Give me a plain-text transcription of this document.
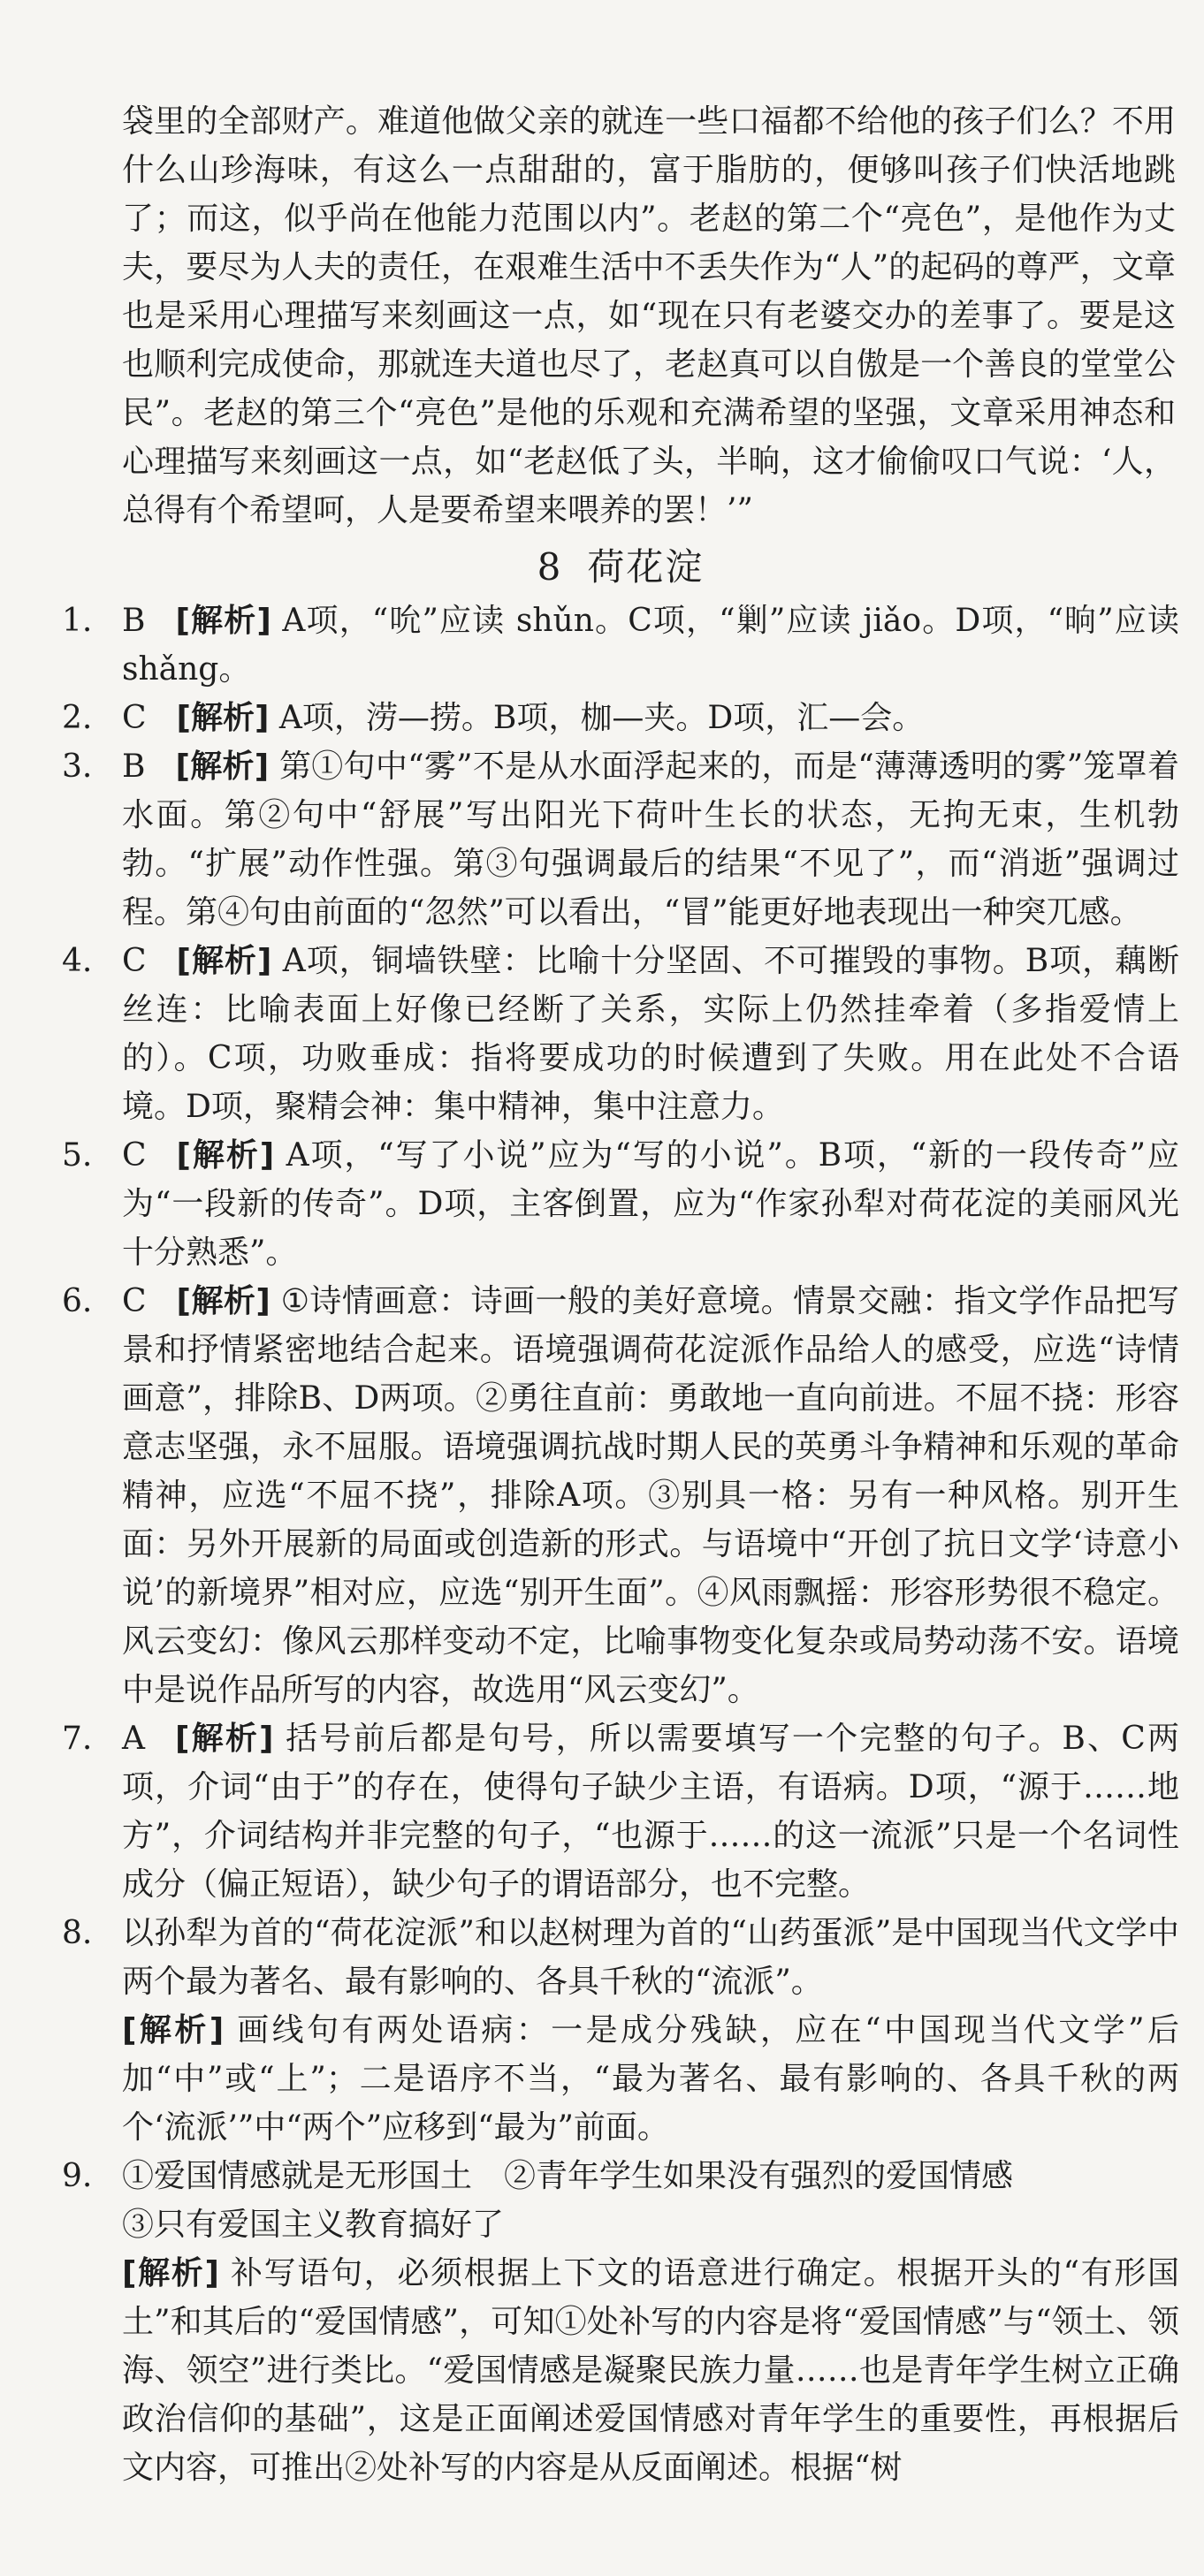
袋里的全部财产。难道他做父亲的就连一些口福都不给他的孩子们么？不用什么山珍海味，有这么一点甜甜的，富于脂肪的，便够叫孩子们快活地跳了；而这，似乎尚在他能力范围以内”。老赵的第二个“亮色”，是他作为丈夫，要尽为人夫的责任，在艰难生活中不丢失作为“人”的起码的尊严，文章也是采用心理描写来刻画这一点，如“现在只有老婆交办的差事了。要是这也顺利完成使命，那就连夫道也尽了，老赵真可以自傲是一个善良的堂堂公民”。老赵的第三个“亮色”是他的乐观和充满希望的坚强，文章采用神态和心理描写来刻画这一点，如“老赵低了头，半晌，这才偷偷叹口气说：‘人，总得有个希望呵，人是要希望来喂养的罢！’”

8 荷花淀
1. B [解析] A项，“吮”应读 shǔn。C项，“剿”应读 jiǎo。D项，“晌”应读 shǎng。
2. C [解析] A项，涝—捞。B项，枷—夹。D项，汇—会。
3. B [解析] 第①句中“雾”不是从水面浮起来的，而是“薄薄透明的雾”笼罩着水面。第②句中“舒展”写出阳光下荷叶生长的状态，无拘无束，生机勃勃。“扩展”动作性强。第③句强调最后的结果“不见了”，而“消逝”强调过程。第④句由前面的“忽然”可以看出，“冒”能更好地表现出一种突兀感。
4. C [解析] A项，铜墙铁壁：比喻十分坚固、不可摧毁的事物。B项，藕断丝连：比喻表面上好像已经断了关系，实际上仍然挂牵着（多指爱情上的）。C项，功败垂成：指将要成功的时候遭到了失败。用在此处不合语境。D项，聚精会神：集中精神，集中注意力。
5. C [解析] A项，“写了小说”应为“写的小说”。B项，“新的一段传奇”应为“一段新的传奇”。D项，主客倒置，应为“作家孙犁对荷花淀的美丽风光十分熟悉”。
6. C [解析] ①诗情画意：诗画一般的美好意境。情景交融：指文学作品把写景和抒情紧密地结合起来。语境强调荷花淀派作品给人的感受，应选“诗情画意”，排除B、D两项。②勇往直前：勇敢地一直向前进。不屈不挠：形容意志坚强，永不屈服。语境强调抗战时期人民的英勇斗争精神和乐观的革命精神，应选“不屈不挠”，排除A项。③别具一格：另有一种风格。别开生面：另外开展新的局面或创造新的形式。与语境中“开创了抗日文学‘诗意小说’的新境界”相对应，应选“别开生面”。④风雨飘摇：形容形势很不稳定。风云变幻：像风云那样变动不定，比喻事物变化复杂或局势动荡不安。语境中是说作品所写的内容，故选用“风云变幻”。
7. A [解析] 括号前后都是句号，所以需要填写一个完整的句子。B、C两项，介词“由于”的存在，使得句子缺少主语，有语病。D项，“源于……地方”，介词结构并非完整的句子，“也源于……的这一流派”只是一个名词性成分（偏正短语），缺少句子的谓语部分，也不完整。
8. 以孙犁为首的“荷花淀派”和以赵树理为首的“山药蛋派”是中国现当代文学中两个最为著名、最有影响的、各具千秋的“流派”。
[解析] 画线句有两处语病：一是成分残缺，应在“中国现当代文学”后加“中”或“上”；二是语序不当，“最为著名、最有影响的、各具千秋的两个‘流派’”中“两个”应移到“最为”前面。
9. ①爱国情感就是无形国土　②青年学生如果没有强烈的爱国情感
③只有爱国主义教育搞好了
[解析] 补写语句，必须根据上下文的语意进行确定。根据开头的“有形国土”和其后的“爱国情感”，可知①处补写的内容是将“爱国情感”与“领土、领海、领空”进行类比。“爱国情感是凝聚民族力量……也是青年学生树立正确政治信仰的基础”，这是正面阐述爱国情感对青年学生的重要性，再根据后文内容，可推出②处补写的内容是从反面阐述。根据“树
